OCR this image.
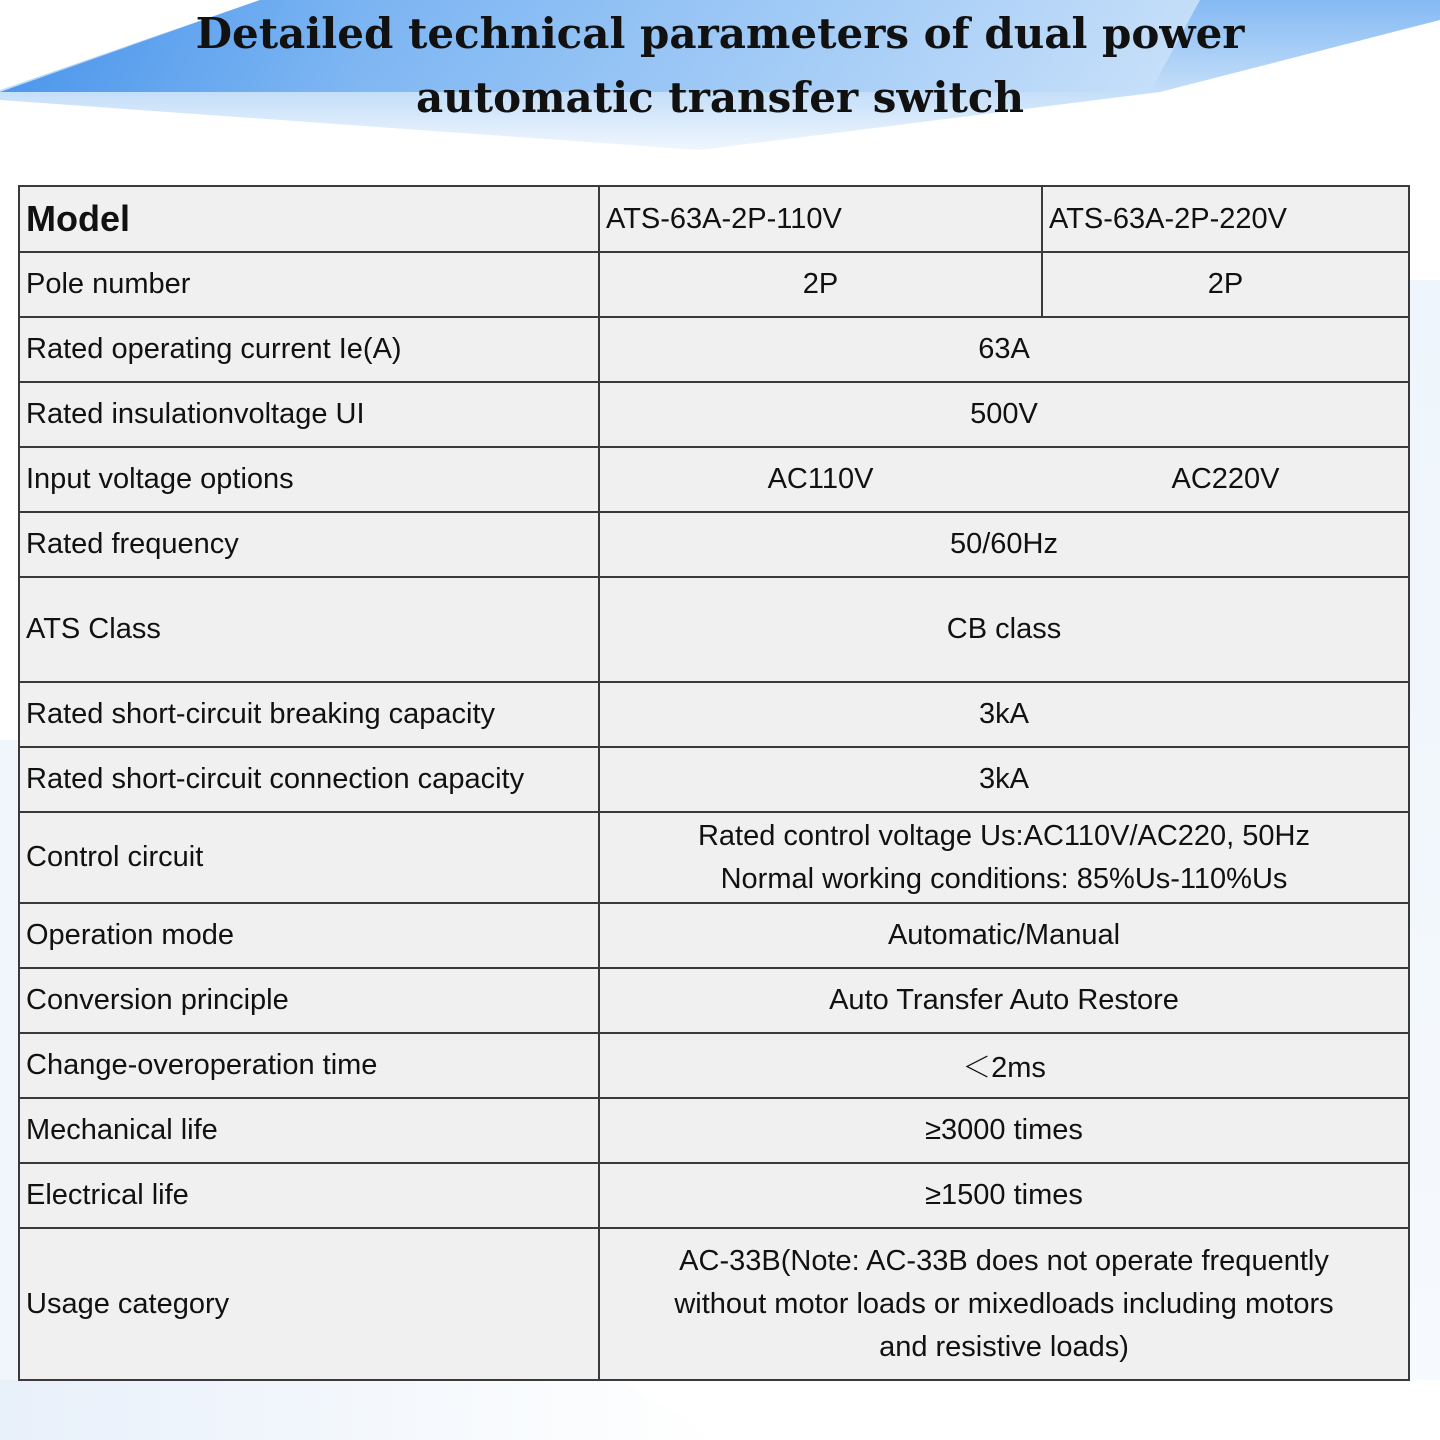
Detailed technical parameters of dual power
automatic transfer switch
Model	ATS-63A-2P-110V	ATS-63A-2P-220V
Pole number	2P	2P
Rated operating current Ie(A)	63A	
Rated insulationvoltage UI	500V	
Input voltage options	AC110V	AC220V
Rated frequency	50/60Hz	
ATS Class	CB class	
Rated short-circuit breaking capacity	3kA	
Rated short-circuit connection capacity	3kA	
Control circuit	Rated control voltage Us:AC110V/AC220, 50Hz
Normal working conditions: 85%Us-110%Us	

Operation mode	Automatic/Manual	
Conversion principle	Auto Transfer Auto Restore	
Change-overoperation time	＜2ms	
Mechanical life	≥3000 times	
Electrical life	≥1500 times	
Usage category	AC-33B(Note: AC-33B does not operate frequently
without motor loads or mixedloads including motors
and resistive loads)	
